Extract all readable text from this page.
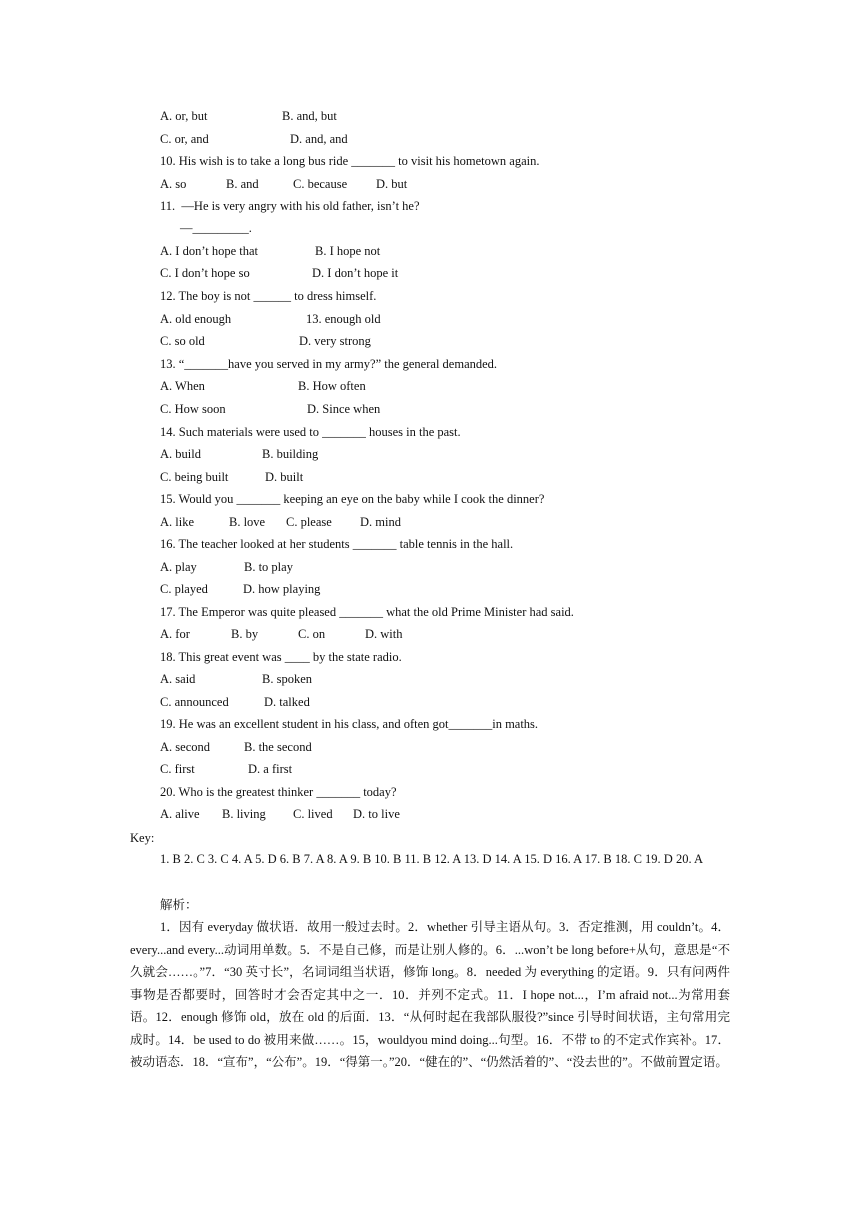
A. or, but	B. and, but
C. or, and	D. and, and
10. His wish is to take a long bus ride _______ to visit his hometown again.
A. so	B. and	C. because D. but
11.  —He is very angry with his old father, isn’t he?
—_________.
A. I don’t hope that	B. I hope not
C. I don’t hope so	D. I don’t hope it
12. The boy is not ______ to dress himself.
A. old enough	13. enough old
C. so old	D. very strong
13. “_______have you served in my army?” the general demanded.
A. When	B. How often
C. How soon	D. Since when
14. Such materials were used to _______ houses in the past.
A. build	B. building
C. being built	D. built
15. Would you _______ keeping an eye on the baby while I cook the dinner?
A. like	B. love C. please D. mind
16. The teacher looked at her students _______ table tennis in the hall.
A. play	B. to play
C. played	D. how playing
17. The Emperor was quite pleased _______ what the old Prime Minister had said.
A. for	B. by	C. on	D. with
18. This great event was ____ by the state radio.
A. said	B. spoken
C. announced	D. talked
19. He was an excellent student in his class, and often got_______in maths.
A. second	B. the second
C. first	D. a first
20. Who is the greatest thinker _______ today?
A. alive B. living C. lived D. to live
Key:
1. B 2. C 3. C 4. A 5. D 6. B 7. A 8. A 9. B 10. B 11. B 12. A 13. D 14. A 15. D 16. A 17. B 18. C 19. D 20. A
解析：
1．因有 everyday 做状语．故用一般过去时。2．whether 引导主语从句。3．否定推测，用 couldn’t。4．every...and every...动词用单数。5．不是自己修，而是让别人修的。6．...won’t be long before+从句，意思是“不久就会……。”7．“30 英寸长”，名词词组当状语，修饰 long。8．needed 为 everything 的定语。9．只有问两件事物是否都要时，回答时才会否定其中之一．10．并列不定式。11．I hope not...，I’m afraid not...为常用套语。12．enough 修饰 old，放在 old 的后面．13．“从何时起在我部队服役?”since 引导时间状语，主句常用完成时。14．be used to do 被用来做……。15，wouldyou mind doing...句型。16．不带 to 的不定式作宾补。17．被动语态．18．“宣布”，“公布”。19．“得第一。”20．“健在的”、“仍然活着的”、“没去世的”。不做前置定语。
